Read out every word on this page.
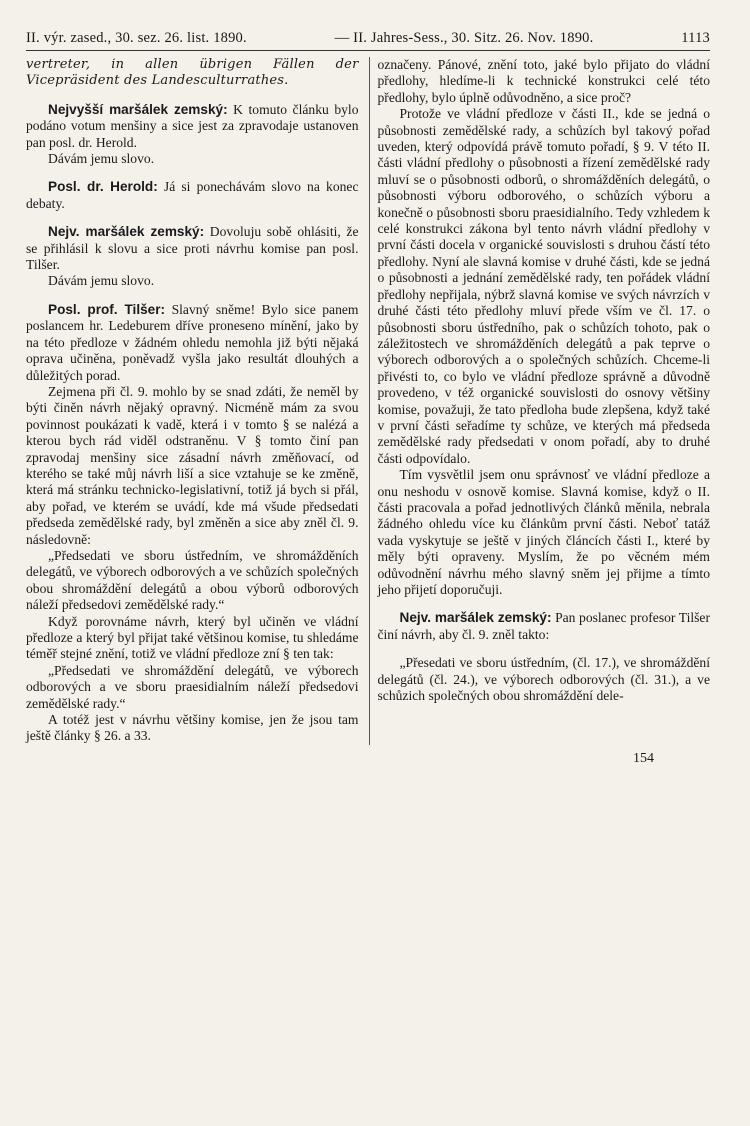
II. výr. zased., 30. sez. 26. list. 1890.	— II. Jahres-Sess., 30. Sitz. 26. Nov. 1890.	1113

vertreter, in allen übrigen Fällen der Vicepräsident des Landesculturrathes.

Nejvyšší maršálek zemský: K tomuto článku bylo podáno votum menšiny a sice jest za zpravodaje ustanoven pan posl. dr. Herold.

Dávám jemu slovo.

Posl. dr. Herold: Já si ponechávám slovo na konec debaty.

Nejv. maršálek zemský: Dovoluju sobě ohlásiti, že se přihlásil k slovu a sice proti návrhu komise pan posl. Tilšer.

Dávám jemu slovo.

Posl. prof. Tilšer: Slavný sněme! Bylo sice panem poslancem hr. Ledeburem dříve proneseno mínění, jako by na této předloze v žádném ohledu nemohla již býti nějaká oprava učiněna, poněvadž vyšla jako resultát dlouhých a důležitých porad.

Zejmena při čl. 9. mohlo by se snad zdáti, že neměl by býti činěn návrh nějaký opravný. Nicméně mám za svou povinnost poukázati k vadě, která i v tomto § se nalézá a kterou bych rád viděl odstraněnu. V § tomto činí pan zpravodaj menšiny sice zásadní návrh změňovací, od kterého se také můj návrh liší a sice vztahuje se ke změně, která má stránku technicko-legislativní, totiž já bych si přál, aby pořad, ve kterém se uvádí, kde má všude předsedati předseda zemědělské rady, byl změněn a sice aby zněl čl. 9. následovně:

„Předsedati ve sboru ústředním, ve shromážděních delegátů, ve výborech odborových a ve schůzích společných obou shromáždění delegátů a obou výborů odborových náleží předsedovi zemědělské rady.“

Když porovnáme návrh, který byl učiněn ve vládní předloze a který byl přijat také většinou komise, tu shledáme téměř stejné znění, totiž ve vládní předloze zní § ten tak:

„Předsedati ve shromáždění delegátů, ve výborech odborových a ve sboru praesidialním náleží předsedovi zemědělské rady.“

A totéž jest v návrhu většiny komise, jen že jsou tam ještě články § 26. a 33.

označeny. Pánové, znění toto, jaké bylo přijato do vládní předlohy, hledíme-li k technické konstrukci celé této předlohy, bylo úplně odůvodněno, a sice proč?

Protože ve vládní předloze v části II., kde se jedná o působnosti zemědělské rady, a schůzích byl takový pořad uveden, který odpovídá právě tomuto pořadí, § 9. V této II. části vládní předlohy o působnosti a řízení zemědělské rady mluví se o působnosti odborů, o shromážděních delegátů, o působnosti výboru odborového, o schůzích výboru a konečně o působnosti sboru praesidialního. Tedy vzhledem k celé konstrukci zákona byl tento návrh vládní předlohy v první části docela v organické souvislosti s druhou částí této předlohy. Nyní ale slavná komise v druhé části, kde se jedná o působnosti a jednání zemědělské rady, ten pořádek vládní předlohy nepřijala, nýbrž slavná komise ve svých návrzích v druhé části této předlohy mluví přede vším ve čl. 17. o působnosti sboru ústředního, pak o schůzích tohoto, pak o záležitostech ve shromážděních delegátů a pak teprve o výborech odborových a o společných schůzích. Chceme-li přivésti to, co bylo ve vládní předloze správně a důvodně provedeno, v též organické souvislosti do osnovy většiny komise, považuji, že tato předloha bude zlepšena, když také v první části seřadíme ty schůze, ve kterých má předseda zemědělské rady předsedati v onom pořadí, aby to druhé části odpovídalo.

Tím vysvětlil jsem onu správnosť ve vládní předloze a onu neshodu v osnově komise. Slavná komise, když o II. části pracovala a pořad jednotlivých článků měnila, nebrala žádného ohledu více ku článkům první části. Neboť tatáž vada vyskytuje se ještě v jiných článcích části I., které by měly býti opraveny. Myslím, že po věcném mém odůvodnění návrhu mého slavný sněm jej přijme a tímto jeho přijetí doporučuji.

Nejv. maršálek zemský: Pan poslanec profesor Tilšer činí návrh, aby čl. 9. zněl takto:

„Přesedati ve sboru ústředním, (čl. 17.), ve shromáždění delegátů (čl. 24.), ve výborech odborových (čl. 31.), a ve schůzich společných obou shromáždění dele-

154
